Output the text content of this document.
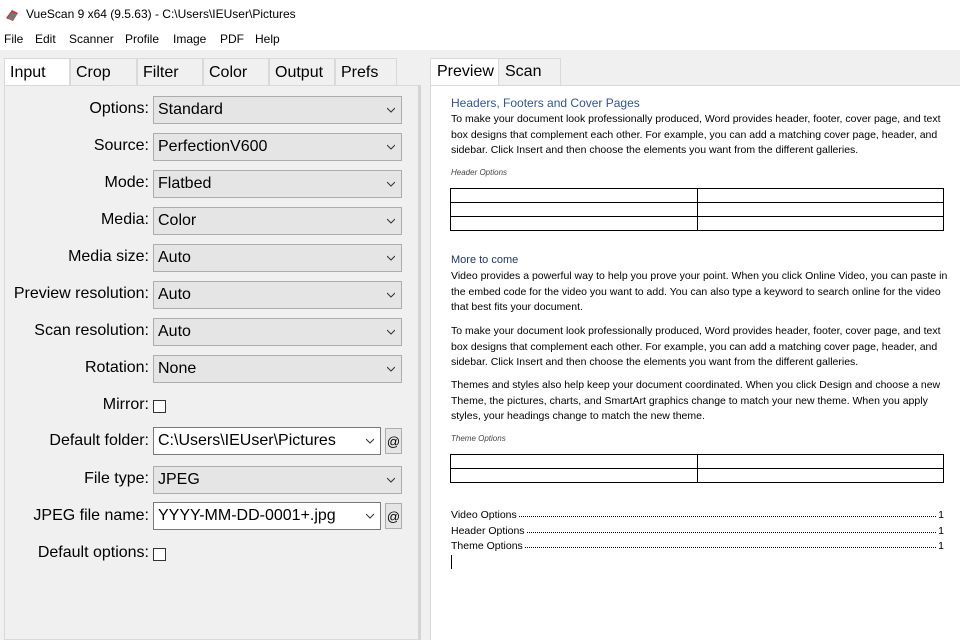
VueScan 9 x64 (9.5.63) - C:\Users\IEUser\Pictures
File Edit Scanner Profile Image PDF Help
Input	Crop	Filter	Color	Output	Prefs
Options: Standard
Source: PerfectionV600
Mode: Flatbed
Media: Color
Media size: Auto
Preview resolution: Auto
Scan resolution: Auto
Rotation: None
Mirror:
Default folder: C:\Users\IEUser\Pictures	@
File type: JPEG
JPEG file name: YYYY-MM-DD-0001+.jpg	@
Default options:
Preview Scan
Headers, Footers and Cover Pages
To make your document look professionally produced, Word provides header, footer, cover page, and text box designs that complement each other. For example, you can add a matching cover page, header, and sidebar. Click Insert and then choose the elements you want from the different galleries.
Header Options

More to come
Video provides a powerful way to help you prove your point. When you click Online Video, you can paste in the embed code for the video you want to add. You can also type a keyword to search online for the video that best fits your document.
To make your document look professionally produced, Word provides header, footer, cover page, and text box designs that complement each other. For example, you can add a matching cover page, header, and sidebar. Click Insert and then choose the elements you want from the different galleries.
Themes and styles also help keep your document coordinated. When you click Design and choose a new Theme, the pictures, charts, and SmartArt graphics change to match your new theme. When you apply styles, your headings change to match the new theme.
Theme Options

Video Options	1
Header Options	1
Theme Options	1
